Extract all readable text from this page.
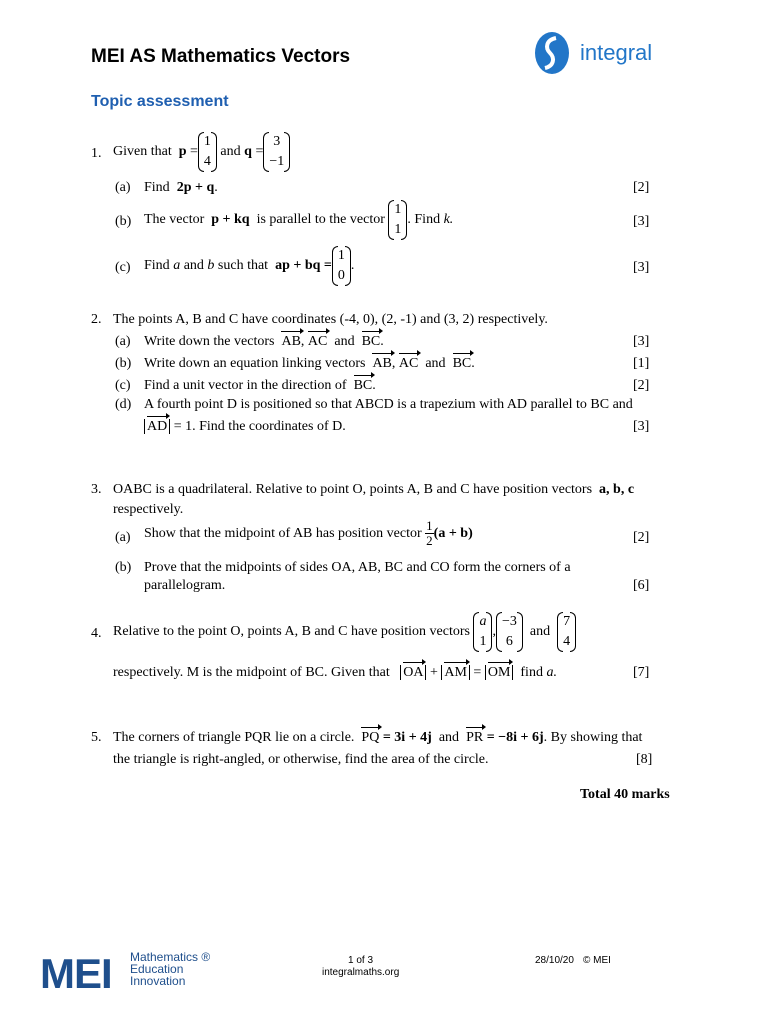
MEI AS Mathematics Vectors
Topic assessment
integral
1. Given that
p
=
1
4

and
q
=
3
−1
(a) Find 2p + q.	[2]
(b) The vector
p + kq
is parallel to the vector

1
1
. Find
k.	[3]
(c) Find
a
and
b
such that
ap + bq =
1
0
.	[3]
2. The points A, B and C have coordinates (-4, 0), (2, -1) and (3, 2) respectively.
(a) Write down the vectors AB, AC and BC.	[3]
(b) Write down an equation linking vectors AB, AC and BC.	[1]
(c) Find a unit vector in the direction of BC.	[2]
(d) A fourth point D is positioned so that ABCD is a trapezium with AD parallel to BC and
AD = 1. Find the coordinates of D.	[3]
3. OABC is a quadrilateral. Relative to point O, points A, B and C have position vectors a, b, c
respectively.
(a) Show that the midpoint of AB has position vector
$\frac{1}{2} (a + b)$	[2]
(b) Prove that the midpoints of sides OA, AB, BC and CO form the corners of a
parallelogram.	[6]
4. Relative to the point O, points A, B and C have position vectors

a
1
,
−3
6

and

7
4
respectively. M is the midpoint of BC. Given that OA + AM = OM find a.	[7]
5. The corners of triangle PQR lie on a circle. PQ = 3i + 4j and PR = −8i + 6j. By showing that
the triangle is right-angled, or otherwise, find the area of the circle.	[8]
Total 40 marks
MEI Mathematics ®
Education
Innovation
1 of 3
integralmaths.org
28/10/20 © MEI
